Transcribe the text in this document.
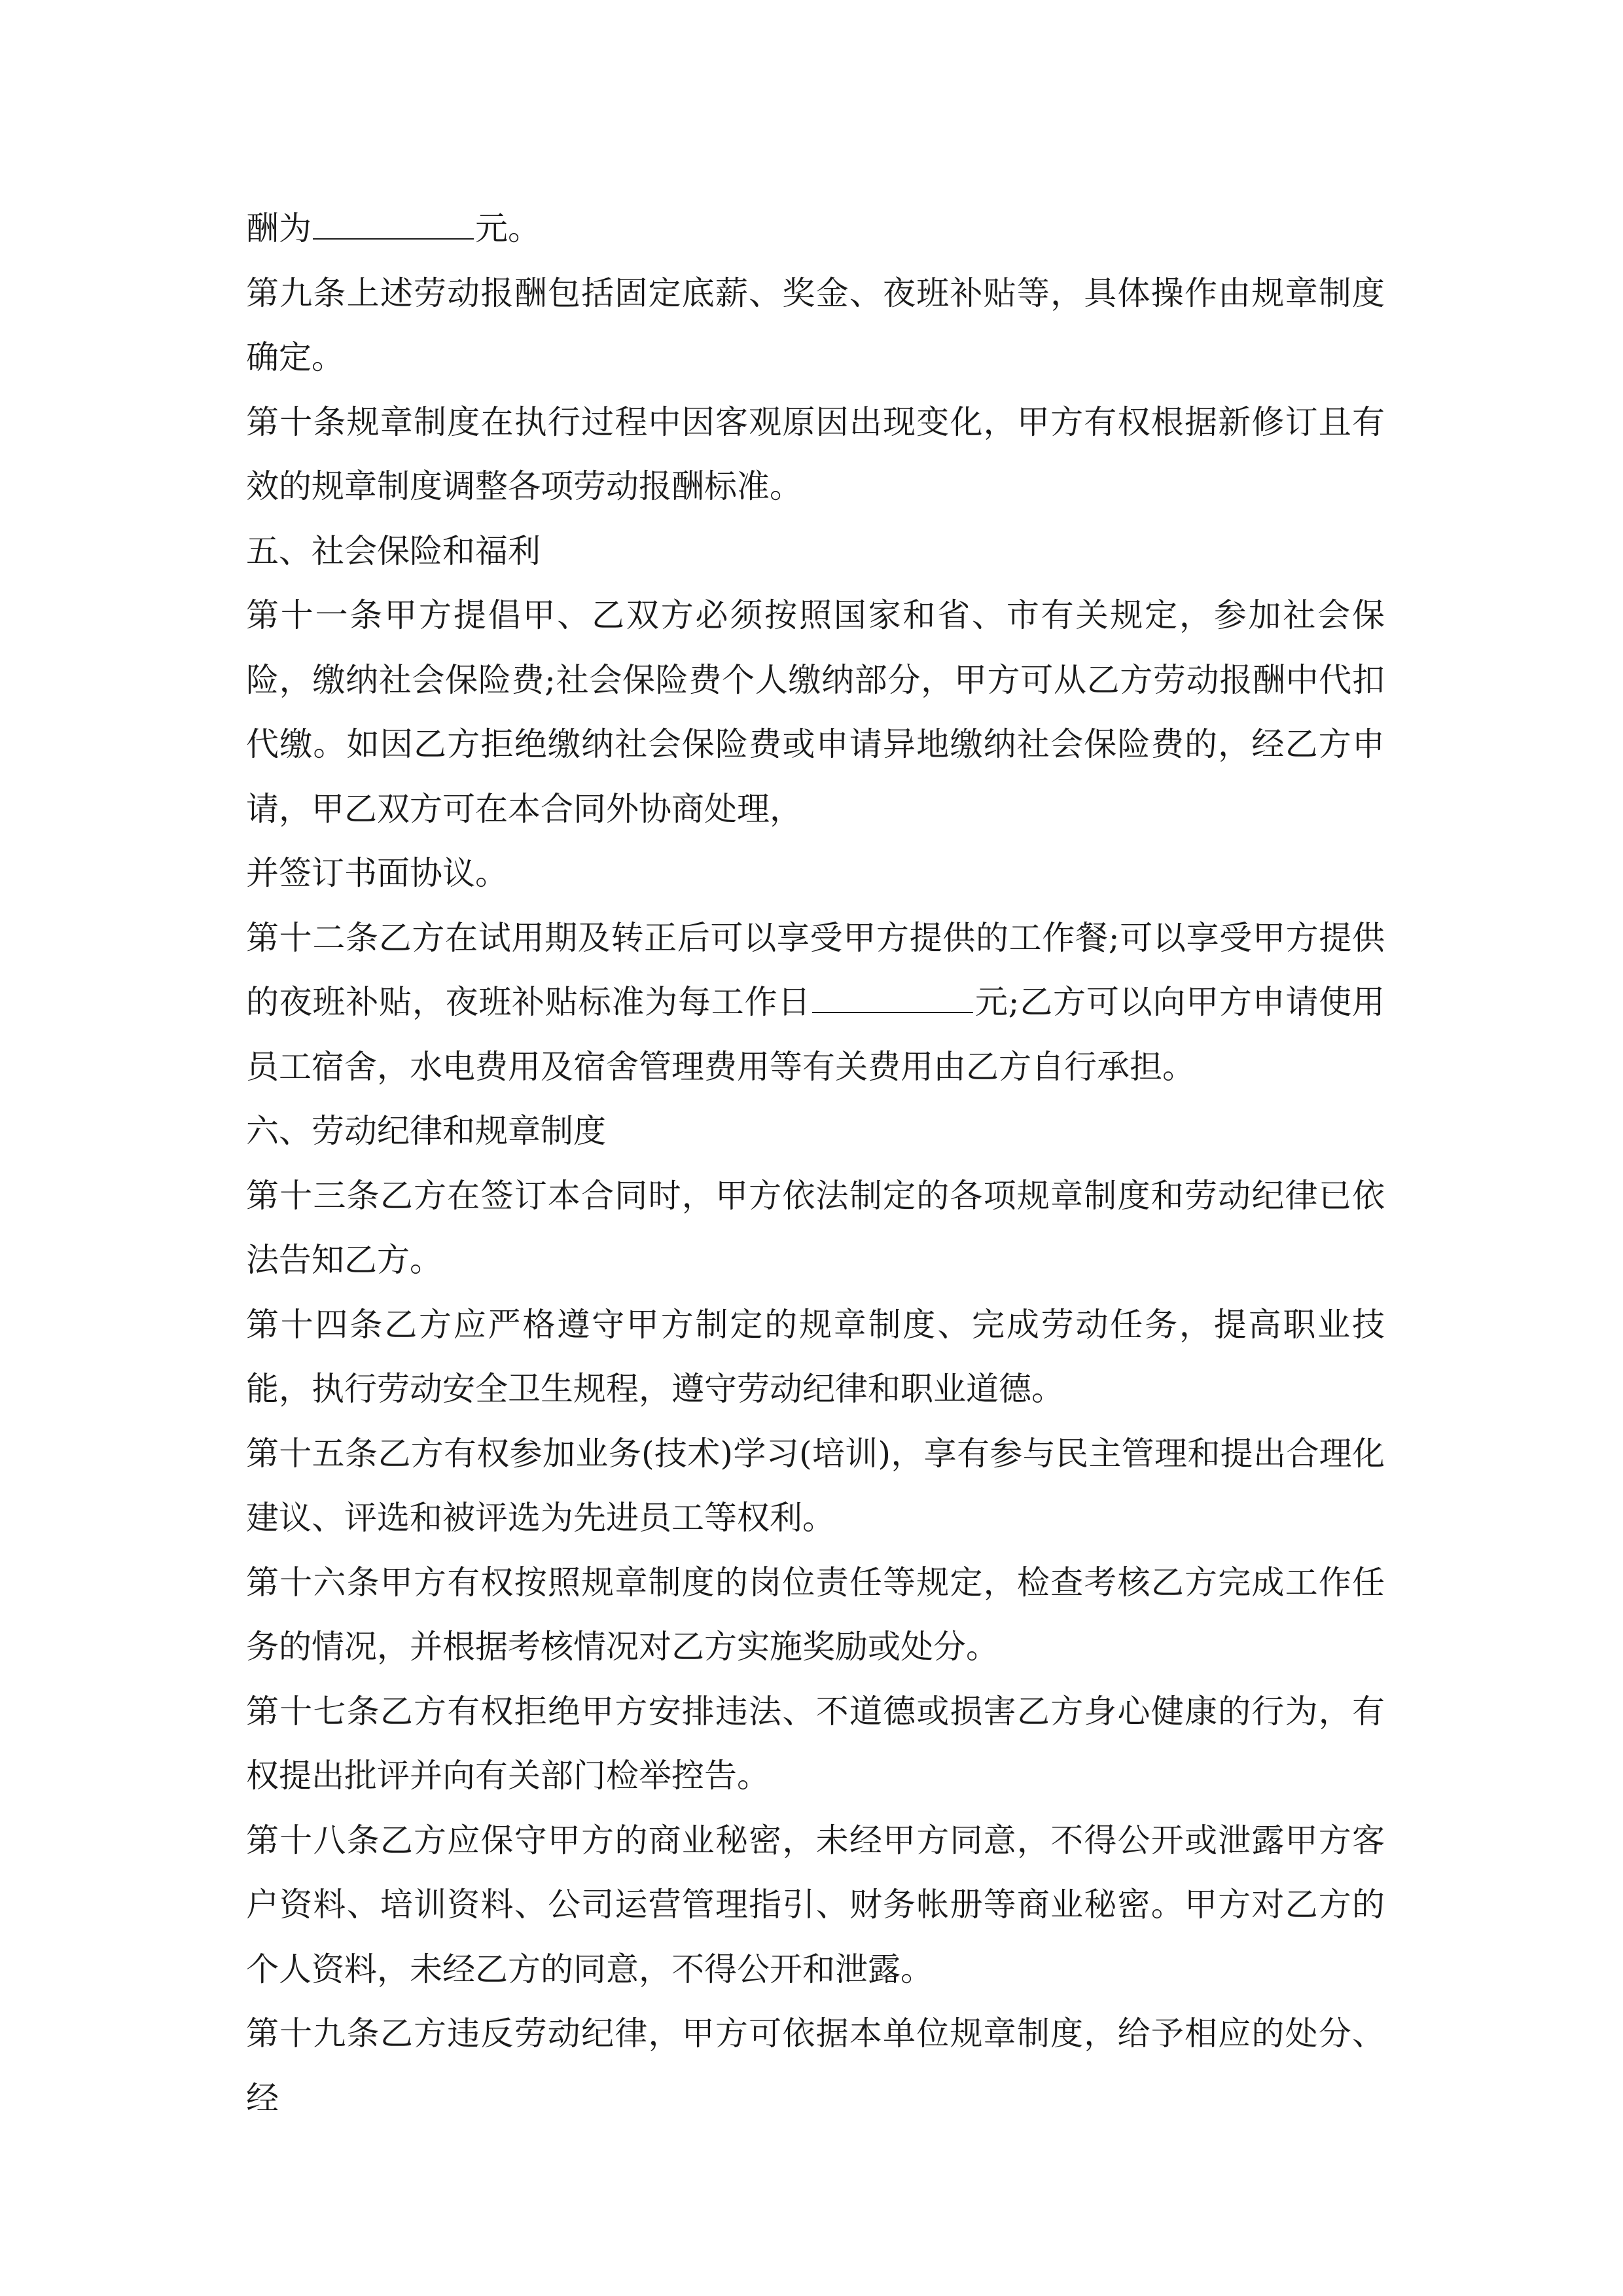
酬为	元。

第九条上述劳动报酬包括固定底薪、奖金、夜班补贴等，具体操作由规章制度确定。

第十条规章制度在执行过程中因客观原因出现变化，甲方有权根据新修订且有效的规章制度调整各项劳动报酬标准。

五、社会保险和福利

第十一条甲方提倡甲、乙双方必须按照国家和省、市有关规定，参加社会保险，缴纳社会保险费;社会保险费个人缴纳部分，甲方可从乙方劳动报酬中代扣代缴。如因乙方拒绝缴纳社会保险费或申请异地缴纳社会保险费的，经乙方申请，甲乙双方可在本合同外协商处理，

并签订书面协议。

第十二条乙方在试用期及转正后可以享受甲方提供的工作餐;可以享受甲方提供的夜班补贴，夜班补贴标准为每工作日	元;乙方可以向甲方申请使用员工宿舍，水电费用及宿舍管理费用等有关费用由乙方自行承担。

六、劳动纪律和规章制度

第十三条乙方在签订本合同时，甲方依法制定的各项规章制度和劳动纪律已依法告知乙方。

第十四条乙方应严格遵守甲方制定的规章制度、完成劳动任务，提高职业技能，执行劳动安全卫生规程，遵守劳动纪律和职业道德。

第十五条乙方有权参加业务(技术)学习(培训)，享有参与民主管理和提出合理化建议、评选和被评选为先进员工等权利。

第十六条甲方有权按照规章制度的岗位责任等规定，检查考核乙方完成工作任务的情况，并根据考核情况对乙方实施奖励或处分。

第十七条乙方有权拒绝甲方安排违法、不道德或损害乙方身心健康的行为，有权提出批评并向有关部门检举控告。

第十八条乙方应保守甲方的商业秘密，未经甲方同意，不得公开或泄露甲方客户资料、培训资料、公司运营管理指引、财务帐册等商业秘密。甲方对乙方的个人资料，未经乙方的同意，不得公开和泄露。

第十九条乙方违反劳动纪律，甲方可依据本单位规章制度，给予相应的处分、经
